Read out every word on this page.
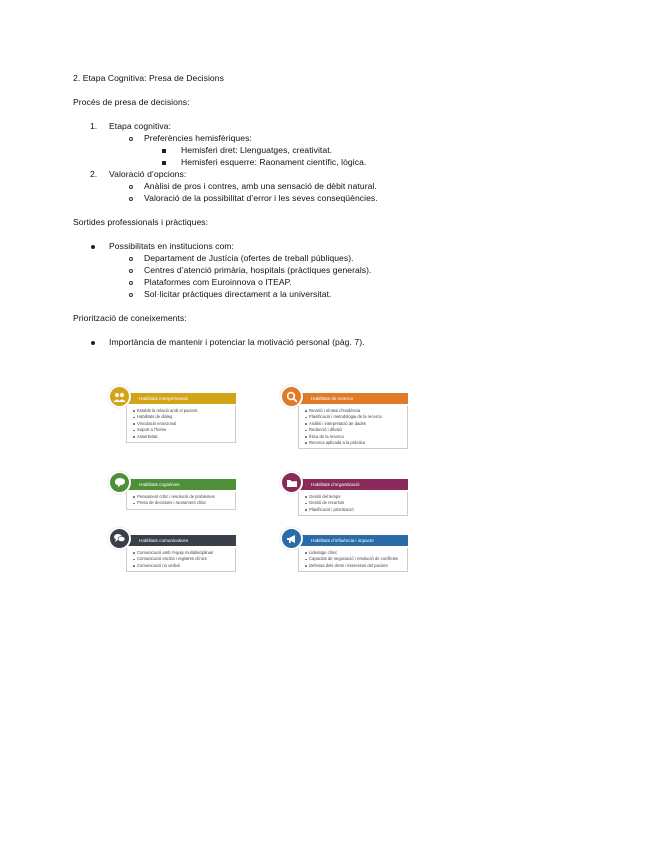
2. Etapa Cognitiva: Presa de Decisions
Procés de presa de decisions:
1. Etapa cognitiva:
Preferències hemisfèriques:
Hemisferi dret: Llenguatges, creativitat.
Hemisferi esquerre: Raonament científic, lògica.
2. Valoració d’opcions:
Anàlisi de pros i contres, amb una sensació de dèbit natural.
Valoració de la possibilitat d’error i les seves conseqüències.
Sortides professionals i pràctiques:
Possibilitats en institucions com:
Departament de Justícia (ofertes de treball públiques).
Centres d’atenció primària, hospitals (pràctiques generals).
Plataformes com Euroinnova o ITEAP.
Sol·licitar pràctiques directament a la universitat.
Priorització de coneixements:
Importància de mantenir i potenciar la motivació personal (pàg. 7).
Habilitats interpersonals
Establir la relació amb el pacient
Habilitats de diàleg
Vinculació emocional
Suport a l’home
Assertivitat
Habilitats de recerca
Revisió i síntesi d’evidència
Planificació i metodologia de la recerca
Anàlisi i interpretació de dades
Redacció i difusió
Ètica de la recerca
Recerca aplicada a la pràctica
Habilitats cognitives
Pensament crític i resolució de problemes
Presa de decisions i raonament clínic
Habilitats d’organització
Gestió del temps
Gestió de recursos
Planificació i priorització
Habilitats comunicatives
Comunicació amb l’equip multidisciplinari
Comunicació escrita i registres clínics
Comunicació no verbal
Habilitats d’influència i impacte
Lideratge clínic
Capacitat de negociació i resolució de conflictes
Defensa dels drets i interessos del pacient
